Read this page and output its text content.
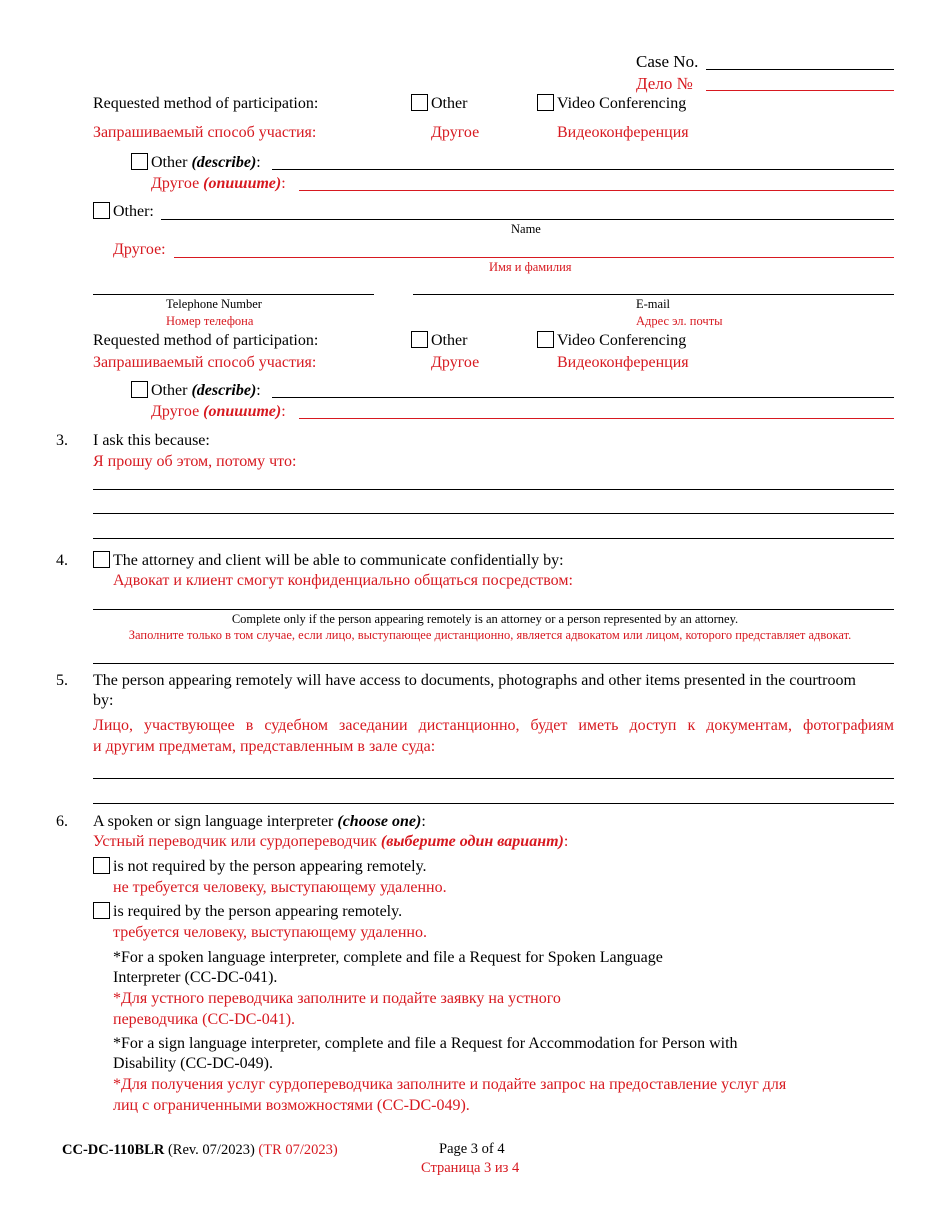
Case No.
Дело №
Requested method of participation:	Other	Video Conferencing
Запрашиваемый способ участия:	Другое	Видеоконференция
Other (describe):
Другое (опишите):
Other:
Name
Другое:
Имя и фамилия
Telephone Number	E-mail
Номер телефона	Адрес эл. почты
Requested method of participation:	Other	Video Conferencing
Запрашиваемый способ участия:	Другое	Видеоконференция
Other (describe):
Другое (опишите):
3. I ask this because:
Я прошу об этом, потому что:
4.	The attorney and client will be able to communicate confidentially by:
Адвокат и клиент смогут конфиденциально общаться посредством:
Complete only if the person appearing remotely is an attorney or a person represented by an attorney.
Заполните только в том случае, если лицо, выступающее дистанционно, является адвокатом или лицом, которого представляет адвокат.
5. The person appearing remotely will have access to documents, photographs and other items presented in the courtroom
by:
Лицо, участвующее в судебном заседании дистанционно, будет иметь доступ к документам, фотографиям
и другим предметам, представленным в зале суда:
6. A spoken or sign language interpreter (choose one):
Устный переводчик или сурдопереводчик (выберите один вариант):
is not required by the person appearing remotely.
не требуется человеку, выступающему удаленно.
is required by the person appearing remotely.
требуется человеку, выступающему удаленно.
*For a spoken language interpreter, complete and file a Request for Spoken Language
Interpreter (CC-DC-041).
*Для устного переводчика заполните и подайте заявку на устного
переводчика (CC-DC-041).
*For a sign language interpreter, complete and file a Request for Accommodation for Person with
Disability (CC-DC-049).
*Для получения услуг сурдопереводчика заполните и подайте запрос на предоставление услуг для
лиц с ограниченными возможностями (CC-DC-049).
CC-DC-110BLR (Rev. 07/2023) (TR 07/2023)	Page 3 of 4
Страница 3 из 4
